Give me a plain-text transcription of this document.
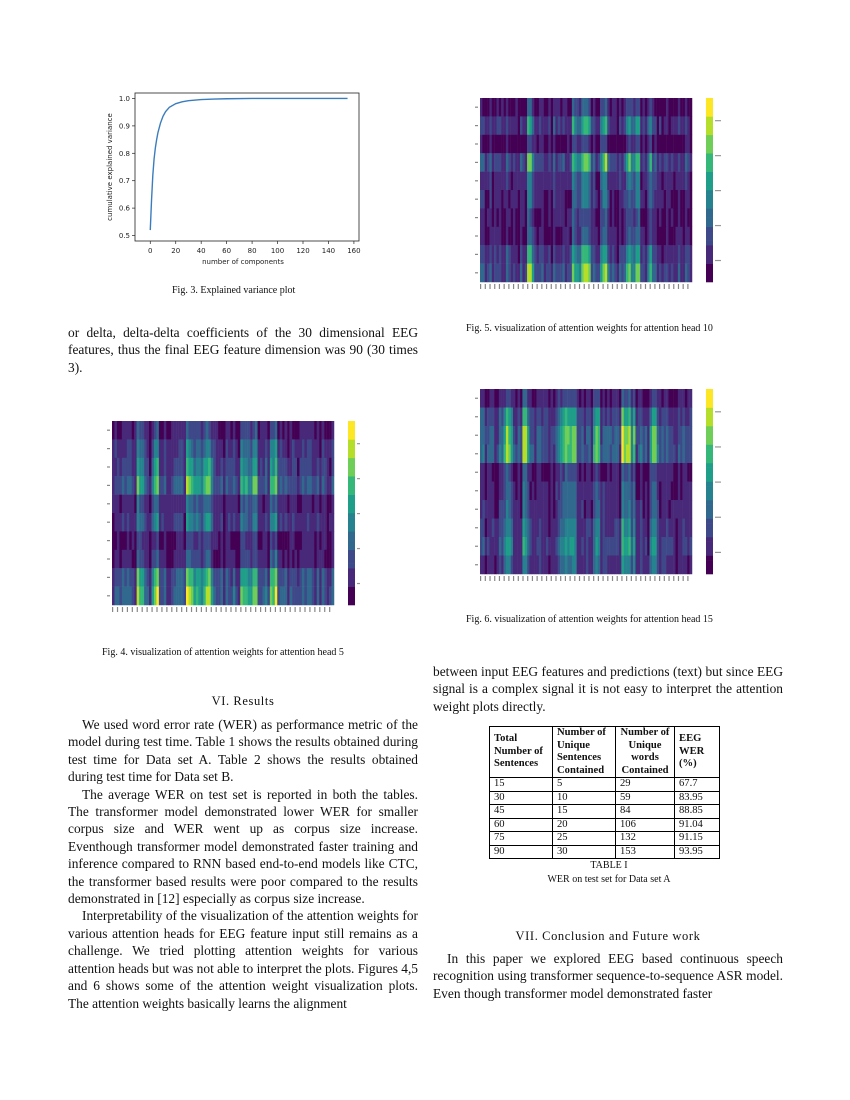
0	20 40 60 80 100 120 140 160
0.5
0.6
0.7
0.8
0.9
1.0
number of components
cumulative explained variance
Fig. 3. Explained variance plot
Fig. 5. visualization of attention weights for attention head 10
Fig. 6. visualization of attention weights for attention head 15
Fig. 4. visualization of attention weights for attention head 5
or delta, delta-delta coefficients of the 30 dimensional EEG features, thus the final EEG feature dimension was 90 (30 times 3).
VI. Results
We used word error rate (WER) as performance metric of the model during test time. Table 1 shows the results obtained during test time for Data set A. Table 2 shows the results obtained during test time for Data set B.
The average WER on test set is reported in both the tables. The transformer model demonstrated lower WER for smaller corpus size and WER went up as corpus size increase. Eventhough transformer model demonstrated faster training and inference compared to RNN based end-to-end models like CTC, the transformer based results were poor compared to the results demonstrated in [12] especially as corpus size increase.
Interpretability of the visualization of the attention weights for various attention heads for EEG feature input still remains as a challenge. We tried plotting attention weights for various attention heads but was not able to interpret the plots. Figures 4,5 and 6 shows some of the attention weight visualization plots. The attention weights basically learns the alignment
between input EEG features and predictions (text) but since EEG signal is a complex signal it is not easy to interpret the attention weight plots directly.
Total Number of Sentences	Number of Unique Sentences Contained	Number of Unique words Contained	EEG WER (%)
15	5	29	67.7
30	10	59	83.95
45	15	84	88.85
60	20	106	91.04
75	25	132	91.15
90	30	153	93.95
TABLE I
WER on test set for Data set A
VII. Conclusion and Future work
In this paper we explored EEG based continuous speech recognition using transformer sequence-to-sequence ASR model. Even though transformer model demonstrated faster
